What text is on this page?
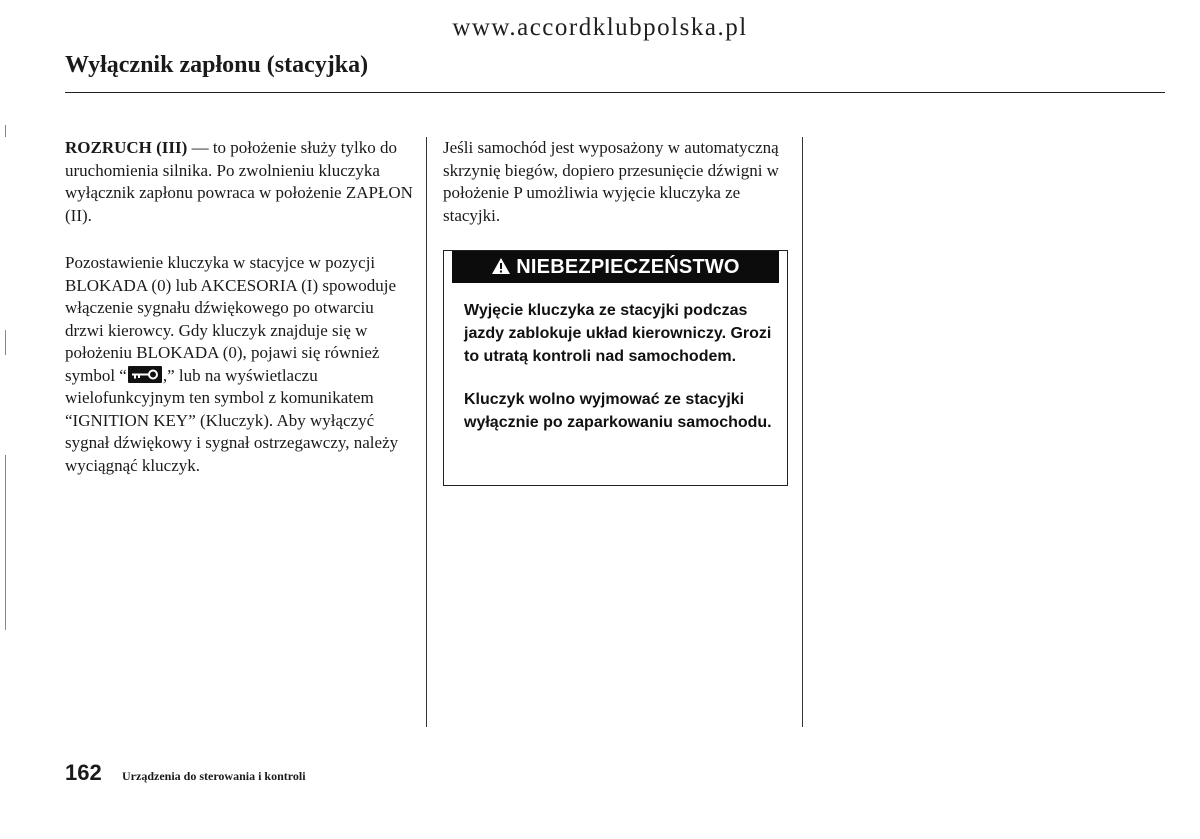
www.accordklubpolska.pl
Wyłącznik zapłonu (stacyjka)

ROZRUCH (III) — to położenie służy tylko do uruchomienia silnika. Po zwolnieniu kluczyka wyłącznik zapłonu powraca w położenie ZAPŁON (II).

Pozostawienie kluczyka w stacyjce w pozycji BLOKADA (0) lub AKCESORIA (I) spowoduje włączenie sygnału dźwiękowego po otwarciu drzwi kierowcy. Gdy kluczyk znajduje się w położeniu BLOKADA (0), pojawi się również symbol “ ,” lub na wyświetlaczu wielofunkcyjnym ten symbol z komunikatem “IGNITION KEY” (Kluczyk). Aby wyłączyć sygnał dźwiękowy i sygnał ostrzegawczy, należy wyciągnąć kluczyk.

Jeśli samochód jest wyposażony w automatyczną skrzynię biegów, dopiero przesunięcie dźwigni w położenie P umożliwia wyjęcie kluczyka ze stacyjki.

NIEBEZPIECZEŃSTWO

Wyjęcie kluczyka ze stacyjki podczas jazdy zablokuje układ kierowniczy. Grozi to utratą kontroli nad samochodem.

Kluczyk wolno wyjmować ze stacyjki wyłącznie po zaparkowaniu samochodu.

162 Urządzenia do sterowania i kontroli
